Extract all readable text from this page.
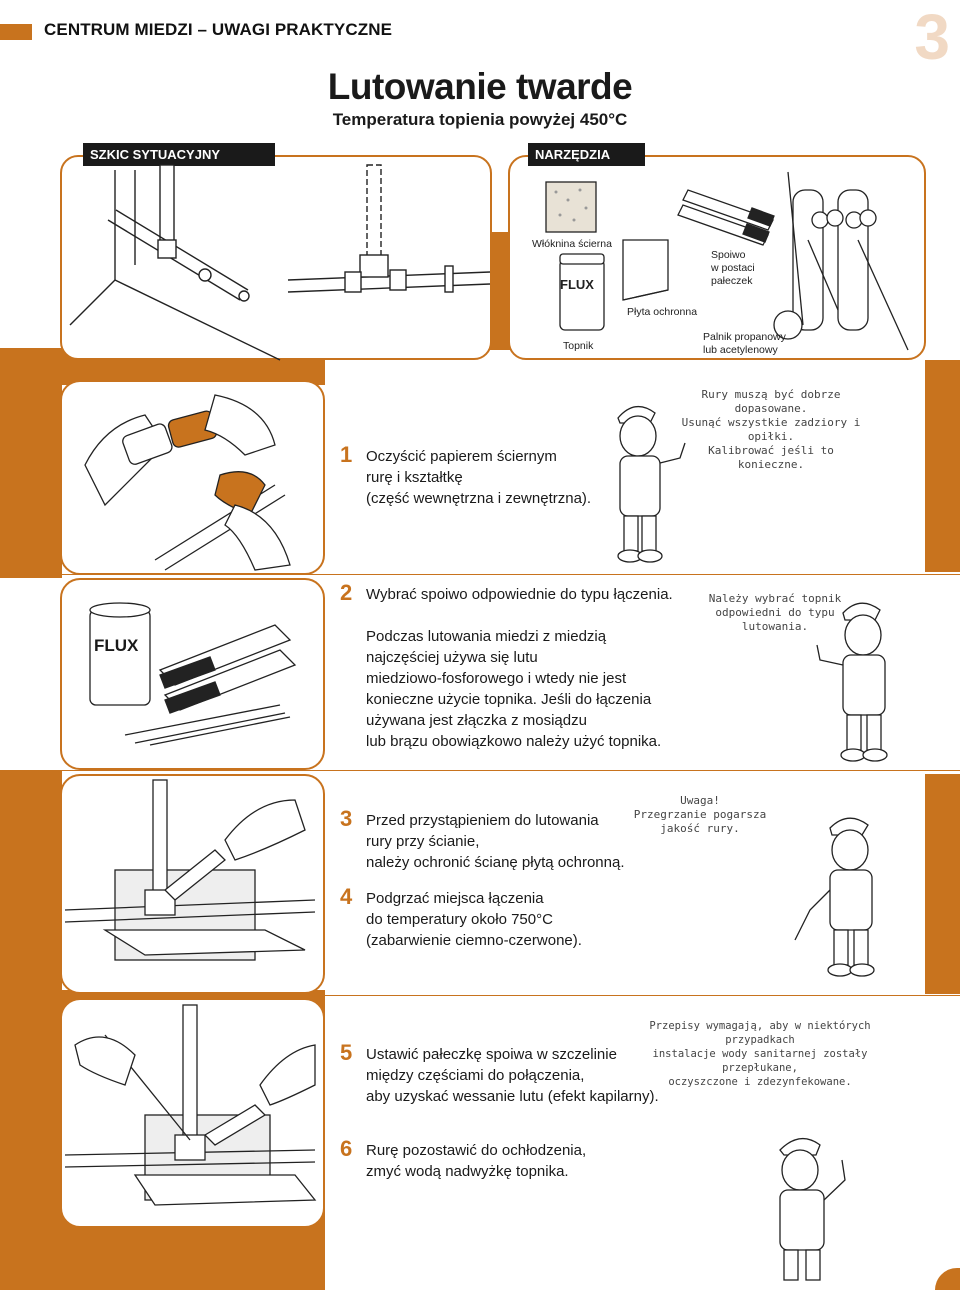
CENTRUM MIEDZI – UWAGI PRAKTYCZNE	3
Lutowanie twarde
Temperatura topienia powyżej 450°C
SZKIC SYTUACYJNY	NARZĘDZIA
Włóknina ścierna
FLUX
Topnik
Płyta ochronna
Spoiwo
w postaci
pałeczek
Palnik propanowy
lub acetylenowy
1 Oczyścić papierem ściernym
rurę i kształtkę
(część wewnętrzna i zewnętrzna).
Rury muszą być dobrze dopasowane.
Usunąć wszystkie zadziory i opiłki.
Kalibrować jeśli to konieczne.
FLUX
2 Wybrać spoiwo odpowiednie do typu łączenia.
Podczas lutowania miedzi z miedzią
najczęściej używa się lutu
miedziowo-fosforowego i wtedy nie jest
konieczne użycie topnika. Jeśli do łączenia
używana jest złączka z mosiądzu
lub brązu obowiązkowo należy użyć topnika.
Należy wybrać topnik
odpowiedni do typu
lutowania.
3 Przed przystąpieniem do lutowania
rury przy ścianie,
należy ochronić ścianę płytą ochronną.
4 Podgrzać miejsca łączenia
do temperatury około 750°C
(zabarwienie ciemno-czerwone).
Uwaga!
Przegrzanie pogarsza
jakość rury.
5 Ustawić pałeczkę spoiwa w szczelinie
między częściami do połączenia,
aby uzyskać wessanie lutu (efekt kapilarny).
6 Rurę pozostawić do ochłodzenia,
zmyć wodą nadwyżkę topnika.
Przepisy wymagają, aby w niektórych przypadkach
instalacje wody sanitarnej zostały przepłukane,
oczyszczone i zdezynfekowane.
